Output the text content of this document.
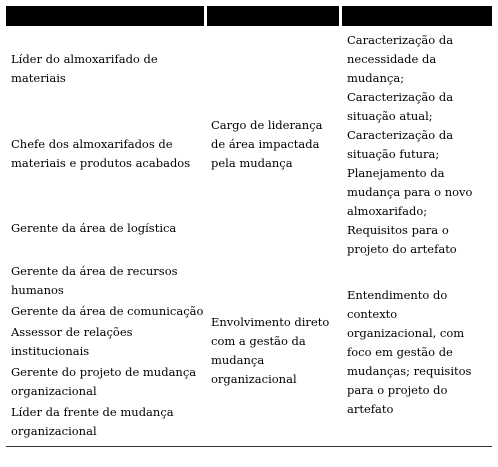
Líder do almoxarifado de
materiais
Chefe dos almoxarifados de
materiais e produtos acabados
Gerente da área de logística
Cargo de liderança
de área impactada
pela mudança
Caracterização da
necessidade da
mudança;
Caracterização da
situação atual;
Caracterização da
situação futura;
Planejamento da
mudança para o novo
almoxarifado;
Requisitos para o
projeto do artefato
Gerente da área de recursos
humanos
Gerente da área de comunicação
Assessor de relações
institucionais
Gerente do projeto de mudança
organizacional
Líder da frente de mudança
organizacional
Envolvimento direto
com a gestão da
mudança
organizacional
Entendimento do
contexto
organizacional, com
foco em gestão de
mudanças; requisitos
para o projeto do
artefato
